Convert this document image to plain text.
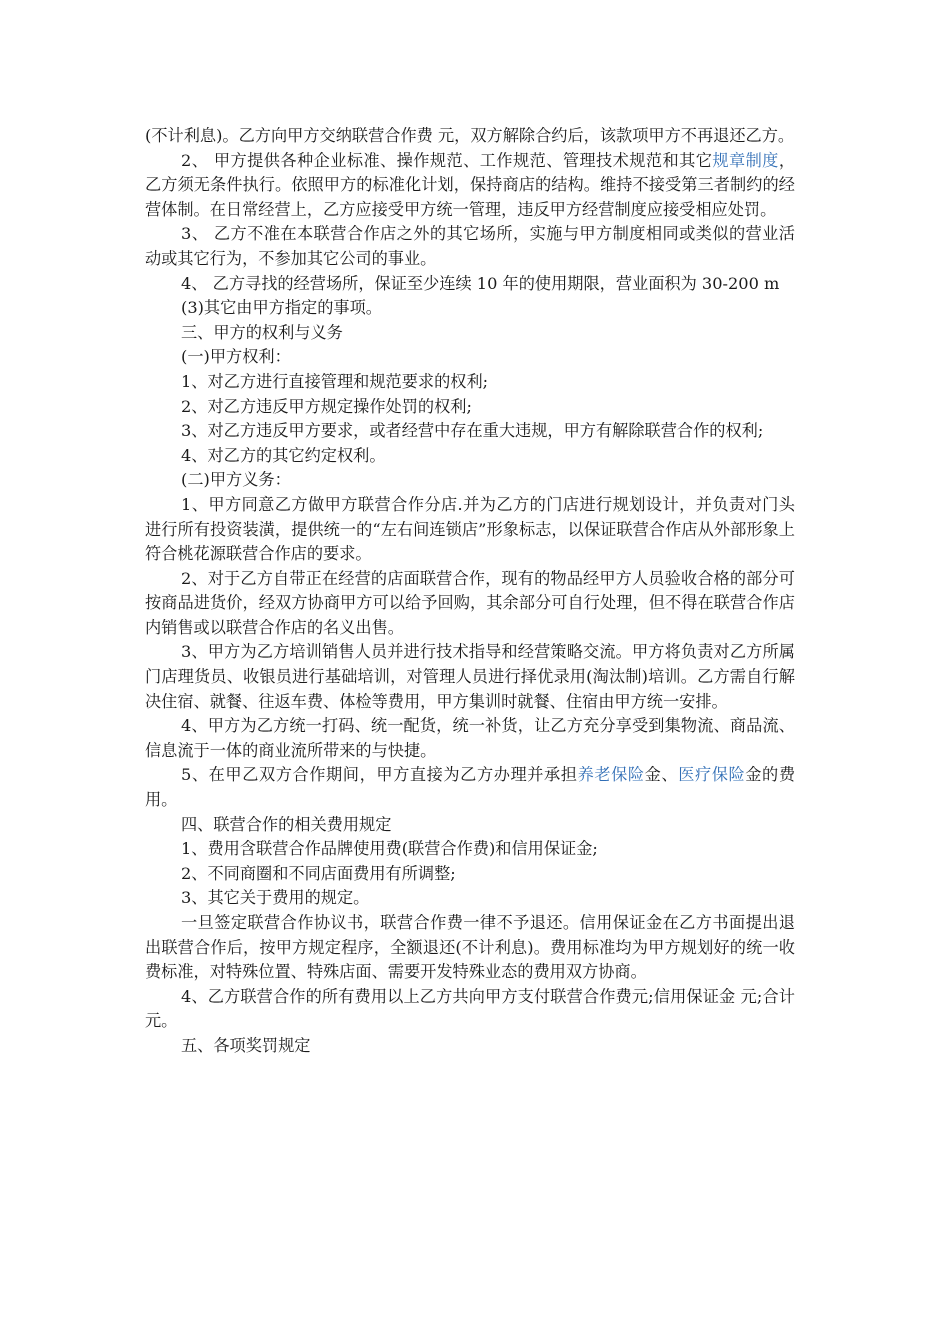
(不计利息)。乙方向甲方交纳联营合作费 元，双方解除合约后，该款项甲方不再退还乙方。

2、 甲方提供各种企业标准、操作规范、工作规范、管理技术规范和其它规章制度，乙方须无条件执行。依照甲方的标准化计划，保持商店的结构。维持不接受第三者制约的经营体制。在日常经营上，乙方应接受甲方统一管理，违反甲方经营制度应接受相应处罚。

3、 乙方不准在本联营合作店之外的其它场所，实施与甲方制度相同或类似的营业活动或其它行为，不参加其它公司的事业。

4、 乙方寻找的经营场所，保证至少连续 10 年的使用期限，营业面积为 30-200 m

(3)其它由甲方指定的事项。

三、甲方的权利与义务

(一)甲方权利：

1、对乙方进行直接管理和规范要求的权利;

2、对乙方违反甲方规定操作处罚的权利;

3、对乙方违反甲方要求，或者经营中存在重大违规，甲方有解除联营合作的权利;

4、对乙方的其它约定权利。

(二)甲方义务：

1、甲方同意乙方做甲方联营合作分店.并为乙方的门店进行规划设计，并负责对门头进行所有投资装潢，提供统一的“左右间连锁店”形象标志，以保证联营合作店从外部形象上符合桃花源联营合作店的要求。

2、对于乙方自带正在经营的店面联营合作，现有的物品经甲方人员验收合格的部分可按商品进货价，经双方协商甲方可以给予回购，其余部分可自行处理，但不得在联营合作店内销售或以联营合作店的名义出售。

3、甲方为乙方培训销售人员并进行技术指导和经营策略交流。甲方将负责对乙方所属门店理货员、收银员进行基础培训，对管理人员进行择优录用(淘汰制)培训。乙方需自行解决住宿、就餐、往返车费、体检等费用，甲方集训时就餐、住宿由甲方统一安排。

4、甲方为乙方统一打码、统一配货，统一补货，让乙方充分享受到集物流、商品流、信息流于一体的商业流所带来的与快捷。

5、在甲乙双方合作期间，甲方直接为乙方办理并承担养老保险金、医疗保险金的费用。

四、联营合作的相关费用规定

1、费用含联营合作品牌使用费(联营合作费)和信用保证金;

2、不同商圈和不同店面费用有所调整;

3、其它关于费用的规定。

一旦签定联营合作协议书，联营合作费一律不予退还。信用保证金在乙方书面提出退出联营合作后，按甲方规定程序，全额退还(不计利息)。费用标准均为甲方规划好的统一收费标准，对特殊位置、特殊店面、需要开发特殊业态的费用双方协商。

4、乙方联营合作的所有费用以上乙方共向甲方支付联营合作费元;信用保证金 元;合计 元。

五、各项奖罚规定
